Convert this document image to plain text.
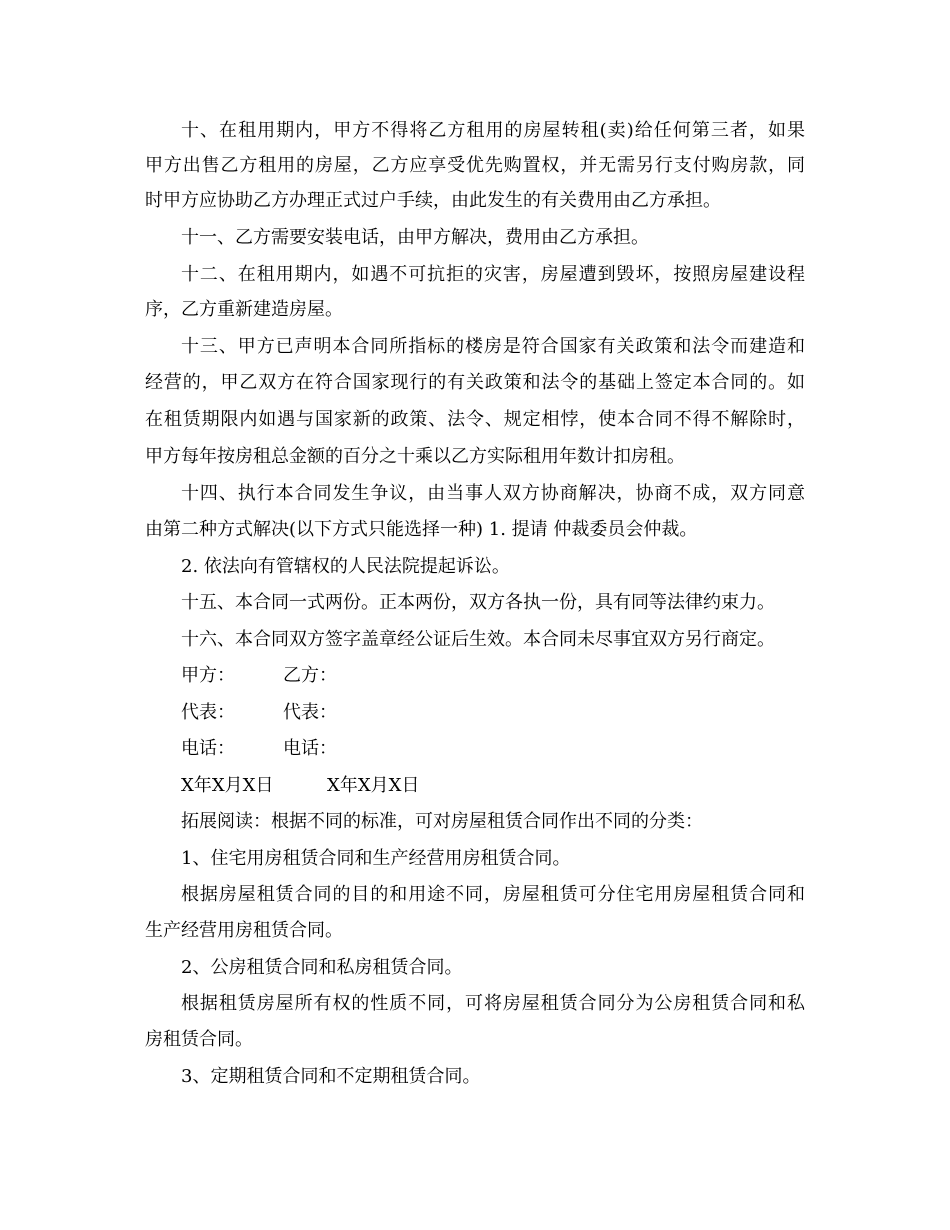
十、在租用期内，甲方不得将乙方租用的房屋转租(卖)给任何第三者，如果
甲方出售乙方租用的房屋，乙方应享受优先购置权，并无需另行支付购房款，同
时甲方应协助乙方办理正式过户手续，由此发生的有关费用由乙方承担。
十一、乙方需要安装电话，由甲方解决，费用由乙方承担。
十二、在租用期内，如遇不可抗拒的灾害，房屋遭到毁坏，按照房屋建设程
序，乙方重新建造房屋。
十三、甲方已声明本合同所指标的楼房是符合国家有关政策和法令而建造和
经营的，甲乙双方在符合国家现行的有关政策和法令的基础上签定本合同的。如
在租赁期限内如遇与国家新的政策、法令、规定相悖，使本合同不得不解除时，
甲方每年按房租总金额的百分之十乘以乙方实际租用年数计扣房租。
十四、执行本合同发生争议，由当事人双方协商解决，协商不成，双方同意
由第二种方式解决(以下方式只能选择一种) 1. 提请 仲裁委员会仲裁。
2. 依法向有管辖权的人民法院提起诉讼。
十五、本合同一式两份。正本两份，双方各执一份，具有同等法律约束力。
十六、本合同双方签字盖章经公证后生效。本合同未尽事宜双方另行商定。
甲方：	乙方：
代表：	代表：
电话：	电话：
X年X月X日	X年X月X日
拓展阅读：根据不同的标准，可对房屋租赁合同作出不同的分类：
1、住宅用房租赁合同和生产经营用房租赁合同。
根据房屋租赁合同的目的和用途不同，房屋租赁可分住宅用房屋租赁合同和
生产经营用房租赁合同。
2、公房租赁合同和私房租赁合同。
根据租赁房屋所有权的性质不同，可将房屋租赁合同分为公房租赁合同和私
房租赁合同。
3、定期租赁合同和不定期租赁合同。
